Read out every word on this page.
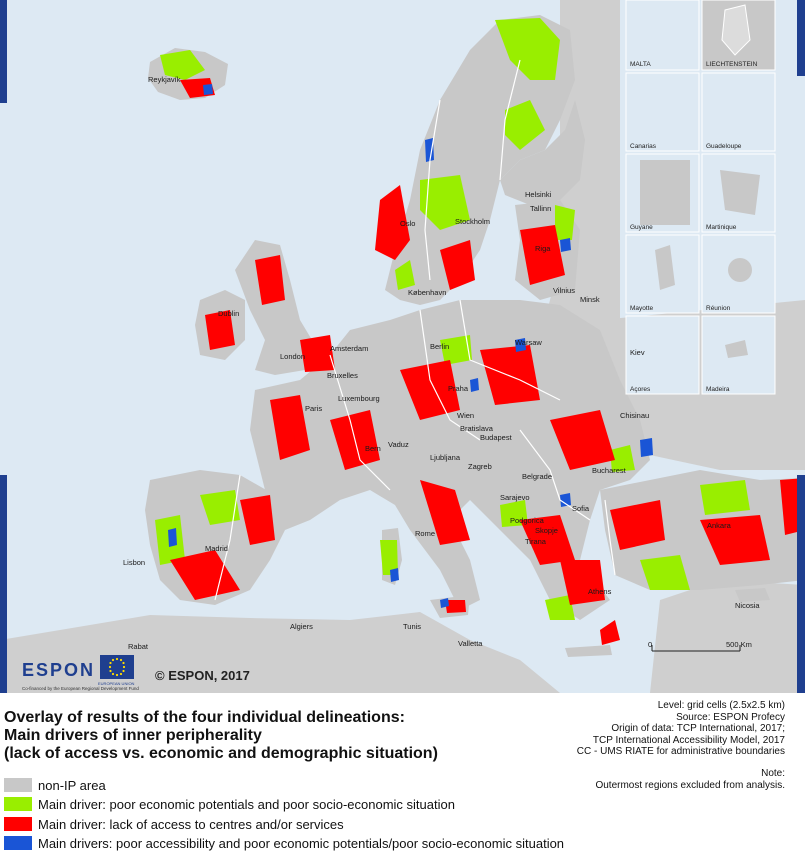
MALTA	LIECHTENSTEIN
Canarias	Guadeloupe
Guyane	Martinique
Mayotte	Réunion
Açores	Madeira
Reykjavík
Oslo	Stockholm
Helsinki
Tallinn
Riga
Vilnius
Minsk
København
Dublin
London
Amsterdam	Berlin	Warsaw
Bruxelles
Luxembourg
Paris
Praha
Wien
Bratislava
Budapest
Vaduz
Bern
Ljubljana
Zagreb
Chisinau
Bucharest
Belgrade
Sarajevo
Podgorica
Skopje
Sofia
Tirana
Ankara
Madrid
Lisbon
Rome
Athens
Nicosia
Rabat
Algiers	Tunis
Valletta
Kiev
0	500 Km
ESPON
Co-financed by the European Regional Development Fund
EUROPEAN UNION
© ESPON, 2017
Overlay of results of the four individual delineations:
Main drivers of inner peripherality
(lack of access vs. economic and demographic situation)
Level: grid cells (2.5x2.5 km)
Source: ESPON Profecy
Origin of data: TCP International, 2017;
TCP International Accessibility Model, 2017
CC - UMS RIATE for administrative boundaries
Note:
Outermost regions excluded from analysis.
non-IP area
Main driver: poor economic potentials and poor socio-economic situation
Main driver: lack of access to centres and/or services
Main drivers: poor accessibility and poor economic potentials/poor socio-economic situation
